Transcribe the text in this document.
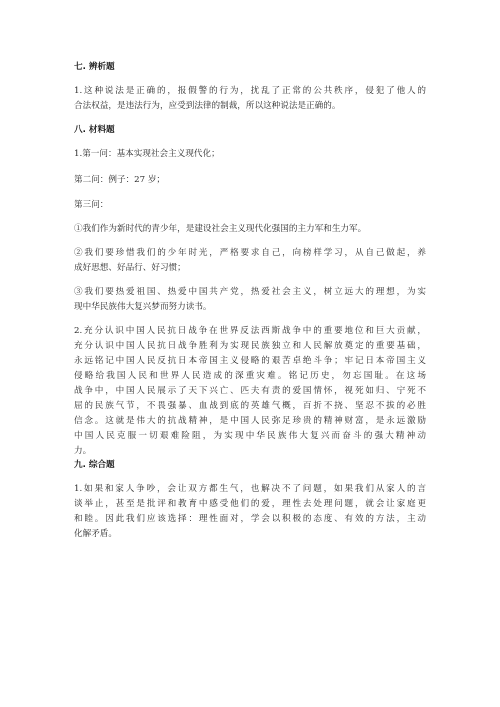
七. 辨析题
1.这种说法是正确的，报假警的行为，扰乱了正常的公共秩序，侵犯了他人的
合法权益，是违法行为，应受到法律的制裁，所以这种说法是正确的。
八. 材料题
1.第一问：基本实现社会主义现代化；
第二问：例子：27 岁；
第三问：
①我们作为新时代的青少年，是建设社会主义现代化强国的主力军和生力军。
②我们要珍惜我们的少年时光，严格要求自己，向榜样学习，从自己做起，养
成好思想、好品行、好习惯；
③我们要热爱祖国、热爱中国共产党，热爱社会主义，树立远大的理想，为实
现中华民族伟大复兴梦而努力读书。
2.充分认识中国人民抗日战争在世界反法西斯战争中的重要地位和巨大贡献，
充分认识中国人民抗日战争胜利为实现民族独立和人民解放奠定的重要基础，
永远铭记中国人民反抗日本帝国主义侵略的艰苦卓绝斗争；牢记日本帝国主义
侵略给我国人民和世界人民造成的深重灾难。铭记历史，勿忘国耻。在这场
战争中，中国人民展示了天下兴亡、匹夫有责的爱国情怀，视死如归、宁死不
屈的民族气节，不畏强暴、血战到底的英雄气概，百折不挠、坚忍不拔的必胜
信念。这就是伟大的抗战精神，是中国人民弥足珍贵的精神财富，是永远激励
中国人民克服一切艰难险阻，为实现中华民族伟大复兴而奋斗的强大精神动
力。
九. 综合题
1.如果和家人争吵，会让双方都生气，也解决不了问题，如果我们从家人的言
谈举止，甚至是批评和教育中感受他们的爱，理性去处理问题，就会让家庭更
和睦。因此我们应该选择：理性面对，学会以积极的态度、有效的方法，主动
化解矛盾。
